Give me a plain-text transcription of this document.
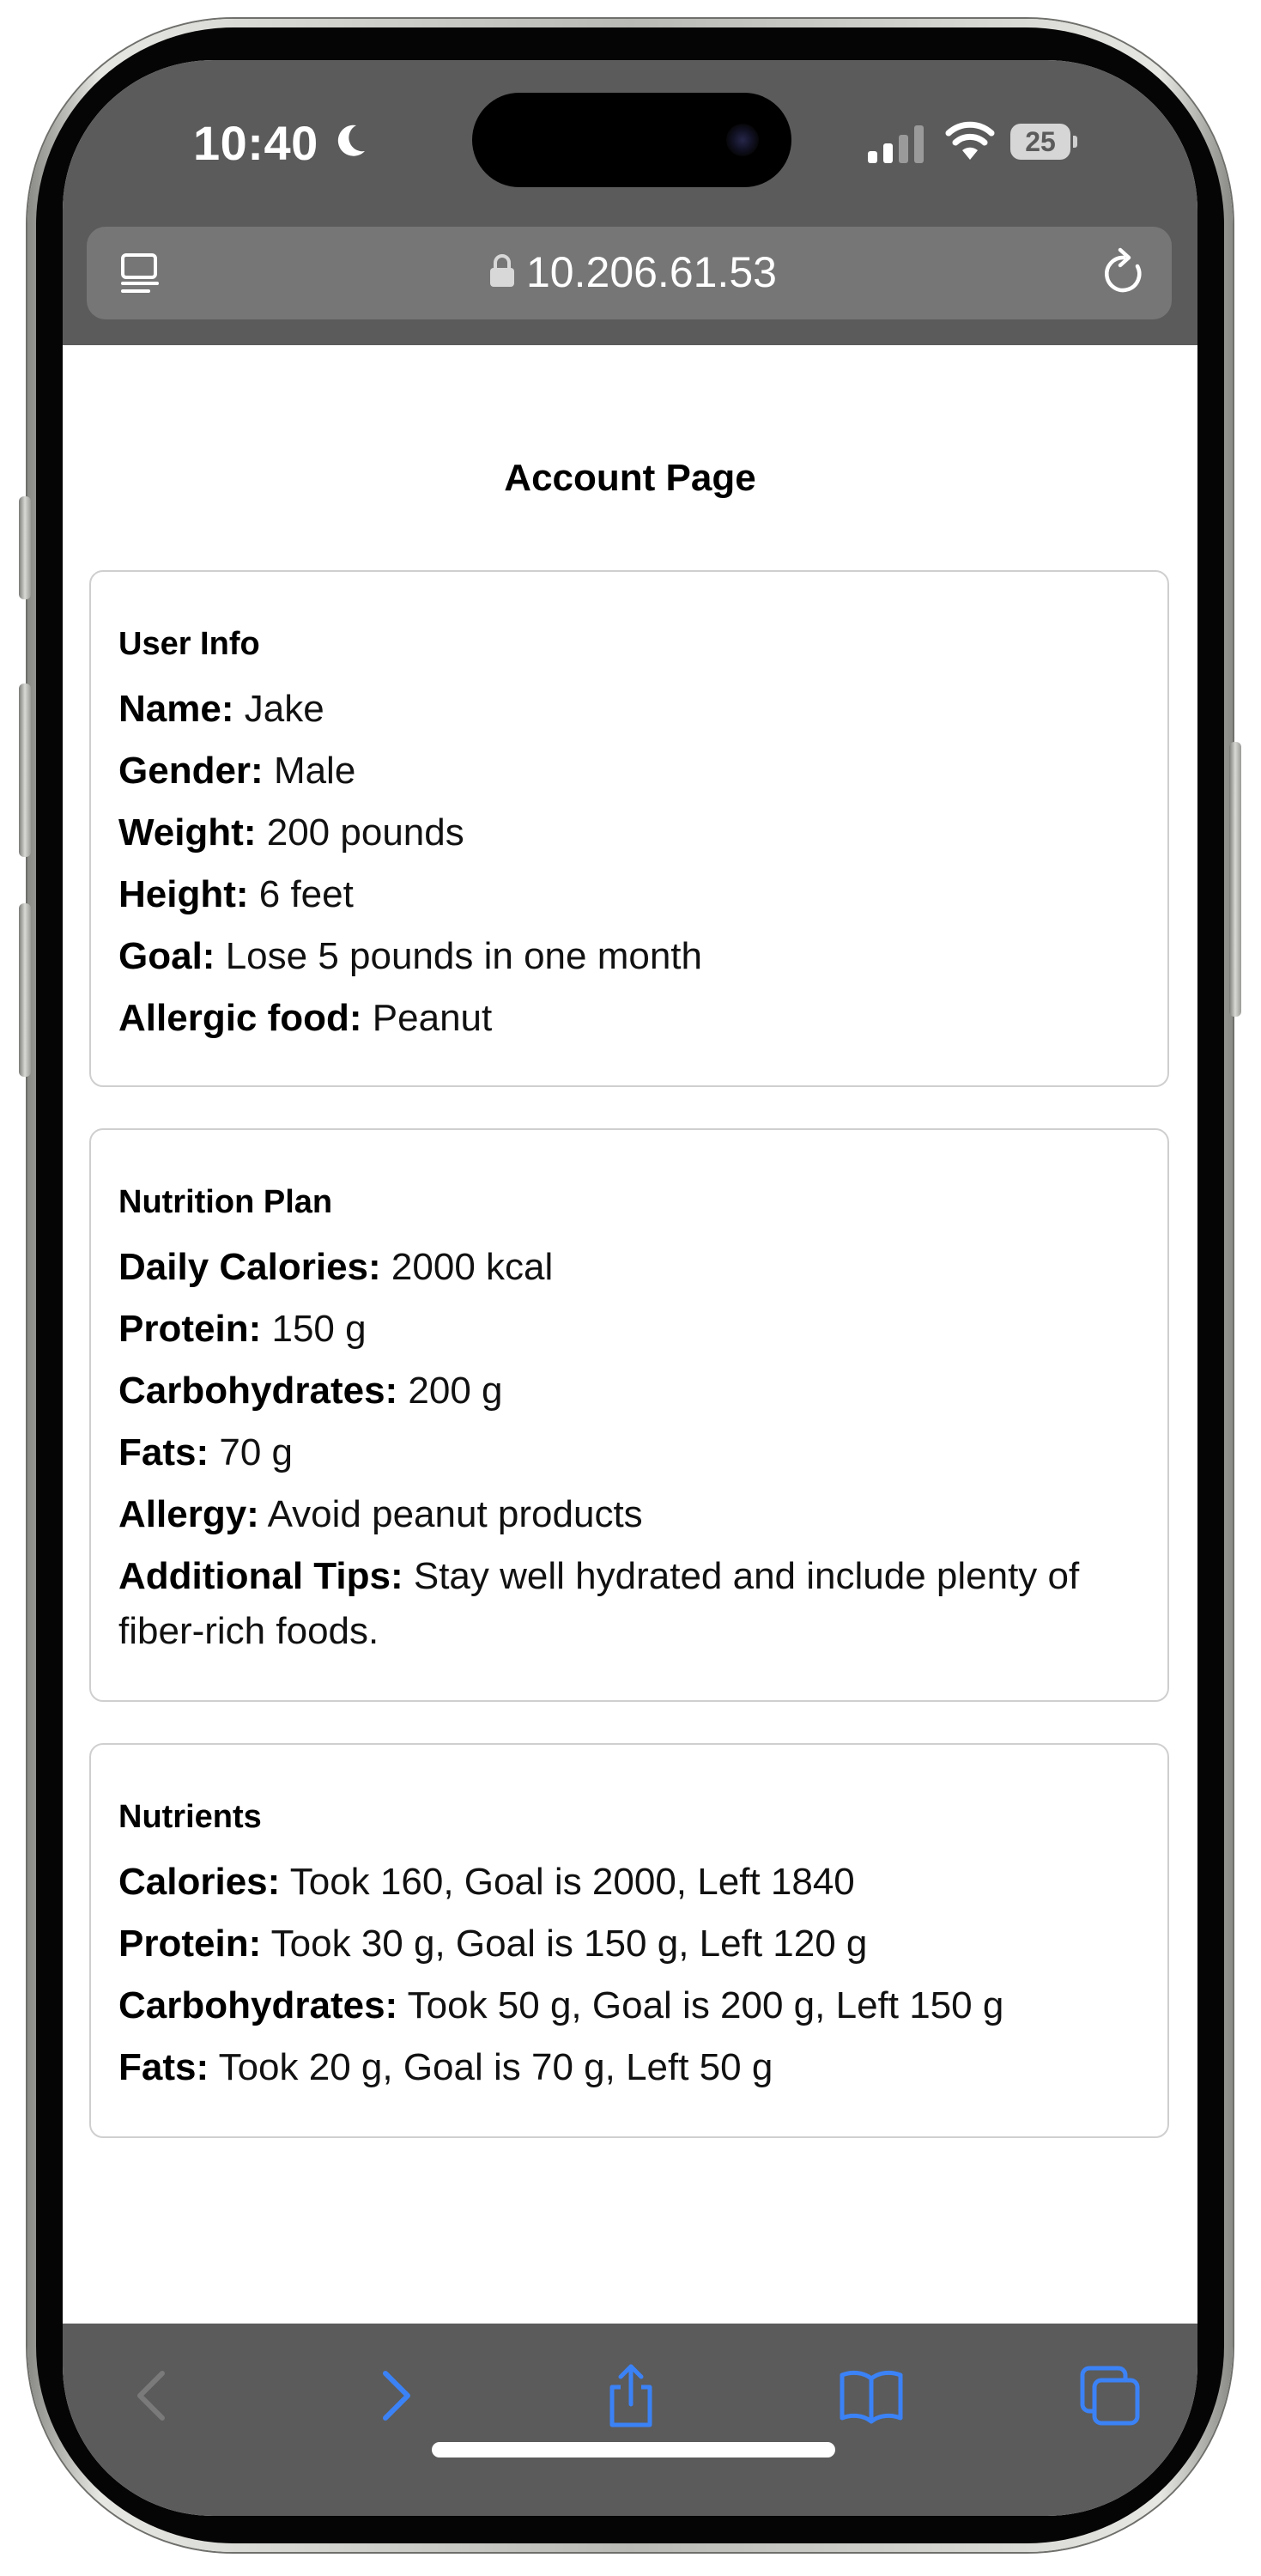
10:40	25
10.206.61.53
Account Page
User Info
Name: Jake
Gender: Male
Weight: 200 pounds
Height: 6 feet
Goal: Lose 5 pounds in one month
Allergic food: Peanut
Nutrition Plan
Daily Calories: 2000 kcal
Protein: 150 g
Carbohydrates: 200 g
Fats: 70 g
Allergy: Avoid peanut products
Additional Tips: Stay well hydrated and include plenty of fiber-rich foods.
Nutrients
Calories: Took 160, Goal is 2000, Left 1840
Protein: Took 30 g, Goal is 150 g, Left 120 g
Carbohydrates: Took 50 g, Goal is 200 g, Left 150 g
Fats: Took 20 g, Goal is 70 g, Left 50 g
